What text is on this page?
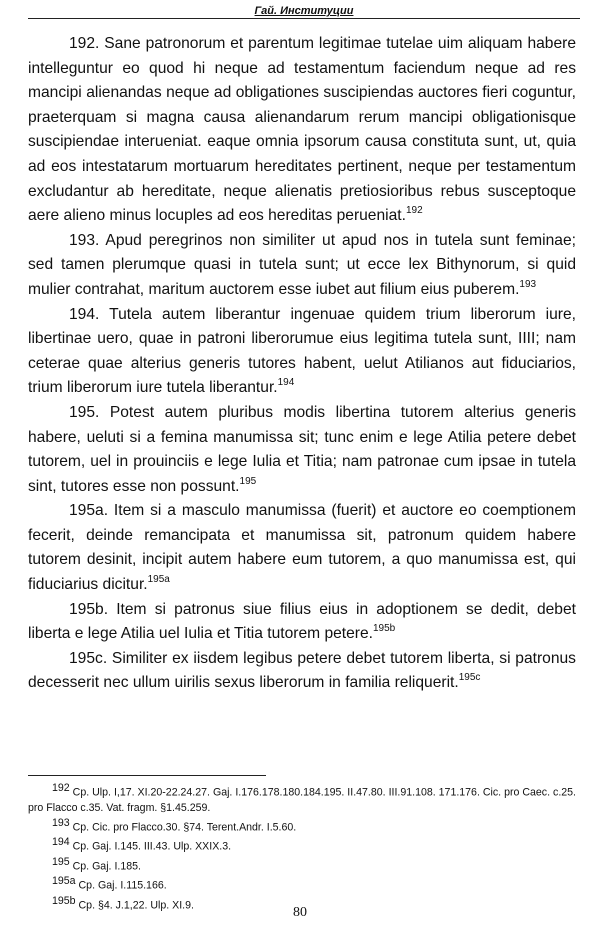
Гай. Институции

192. Sane patronorum et parentum legitimae tutelae uim aliquam habere intelleguntur eo quod hi neque ad testamentum faciendum neque ad res mancipi alienandas neque ad obligationes suscipiendas auctores fieri coguntur, praeterquam si magna causa alienandarum rerum mancipi obligationisque suscipiendae interueniat. eaque omnia ipsorum causa constituta sunt, ut, quia ad eos intestatarum mortuarum hereditates pertinent, neque per testamentum excludantur ab hereditate, neque alienatis pretiosioribus rebus susceptoque aere alieno minus locuples ad eos hereditas perueniat.$^{192}$

193. Apud peregrinos non similiter ut apud nos in tutela sunt feminae; sed tamen plerumque quasi in tutela sunt; ut ecce lex Bithynorum, si quid mulier contrahat, maritum auctorem esse iubet aut filium eius puberem.$^{193}$

194. Tutela autem liberantur ingenuae quidem trium liberorum iure, libertinae uero, quae in patroni liberorumue eius legitima tutela sunt, IIII; nam ceterae quae alterius generis tutores habent, uelut Atilianos aut fiduciarios, trium liberorum iure tutela liberantur.$^{194}$

195. Potest autem pluribus modis libertina tutorem alterius generis habere, ueluti si a femina manumissa sit; tunc enim e lege Atilia petere debet tutorem, uel in prouinciis e lege Iulia et Titia; nam patronae cum ipsae in tutela sint, tutores esse non possunt.$^{195}$

195a. Item si a masculo manumissa (fuerit) et auctore eo coemptionem fecerit, deinde remancipata et manumissa sit, patronum quidem habere tutorem desinit, incipit autem habere eum tutorem, a quo manumissa est, qui fiduciarius dicitur.$^{195a}$

195b. Item si patronus siue filius eius in adoptionem se dedit, debet liberta e lege Atilia uel Iulia et Titia tutorem petere.$^{195b}$

195c. Similiter ex iisdem legibus petere debet tutorem liberta, si patronus decesserit nec ullum uirilis sexus liberorum in familia reliquerit.$^{195c}$

$^{192}$ Cp. Ulp. I,17. XI.20-22.24.27. Gaj. I.176.178.180.184.195. II.47.80. III.91.108. 171.176. Cic. pro Caec. c.25. pro Flacco c.35. Vat. fragm. §1.45.259.

$^{193}$ Cp. Cic. pro Flacco.30. §74. Terent.Andr. I.5.60.

$^{194}$ Cp. Gaj. I.145. III.43. Ulp. XXIX.3.

$^{195}$ Cp. Gaj. I.185.

$^{195a}$ Cp. Gaj. I.115.166.

$^{195b}$ Cp. §4. J.1,22. Ulp. XI.9.	80
